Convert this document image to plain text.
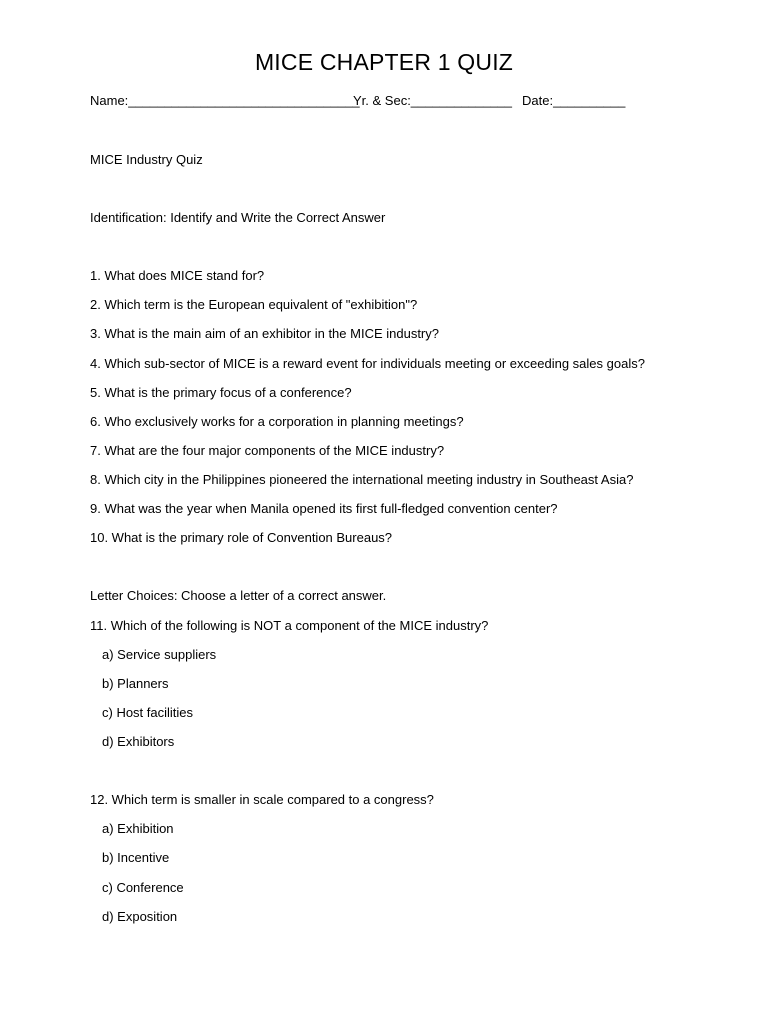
MICE CHAPTER 1 QUIZ
Name:________________________________
Yr. & Sec:______________ Date:__________
MICE Industry Quiz
Identification: Identify and Write the Correct Answer
1. What does MICE stand for?
2. Which term is the European equivalent of "exhibition"?
3. What is the main aim of an exhibitor in the MICE industry?
4. Which sub-sector of MICE is a reward event for individuals meeting or exceeding sales goals?
5. What is the primary focus of a conference?
6. Who exclusively works for a corporation in planning meetings?
7. What are the four major components of the MICE industry?
8. Which city in the Philippines pioneered the international meeting industry in Southeast Asia?
9. What was the year when Manila opened its first full-fledged convention center?
10. What is the primary role of Convention Bureaus?
Letter Choices: Choose a letter of a correct answer.
11. Which of the following is NOT a component of the MICE industry?
a) Service suppliers
b) Planners
c) Host facilities
d) Exhibitors
12. Which term is smaller in scale compared to a congress?
a) Exhibition
b) Incentive
c) Conference
d) Exposition
